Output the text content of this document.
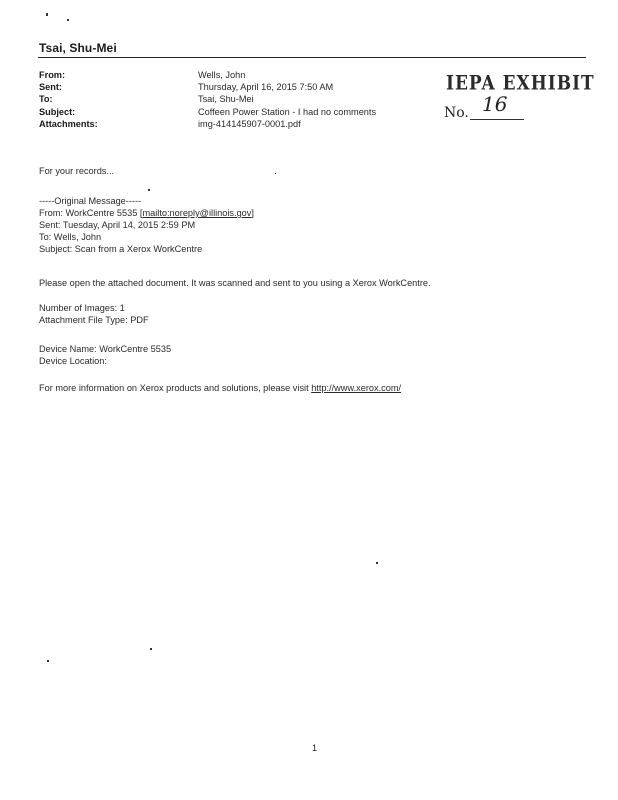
Tsai, Shu-Mei
From:	Wells, John
Sent:	Thursday, April 16, 2015 7:50 AM
To:	Tsai, Shu-Mei
Subject:	Coffeen Power Station - I had no comments
Attachments:	img-414145907-0001.pdf
IEPA EXHIBIT
No. 16
For your records...
-----Original Message-----
From: WorkCentre 5535 [mailto:noreply@illinois.gov]
Sent: Tuesday, April 14, 2015 2:59 PM
To: Wells, John
Subject: Scan from a Xerox WorkCentre
Please open the attached document. It was scanned and sent to you using a Xerox WorkCentre.
Number of Images: 1
Attachment File Type: PDF
Device Name: WorkCentre 5535
Device Location:
For more information on Xerox products and solutions, please visit http://www.xerox.com/
1
